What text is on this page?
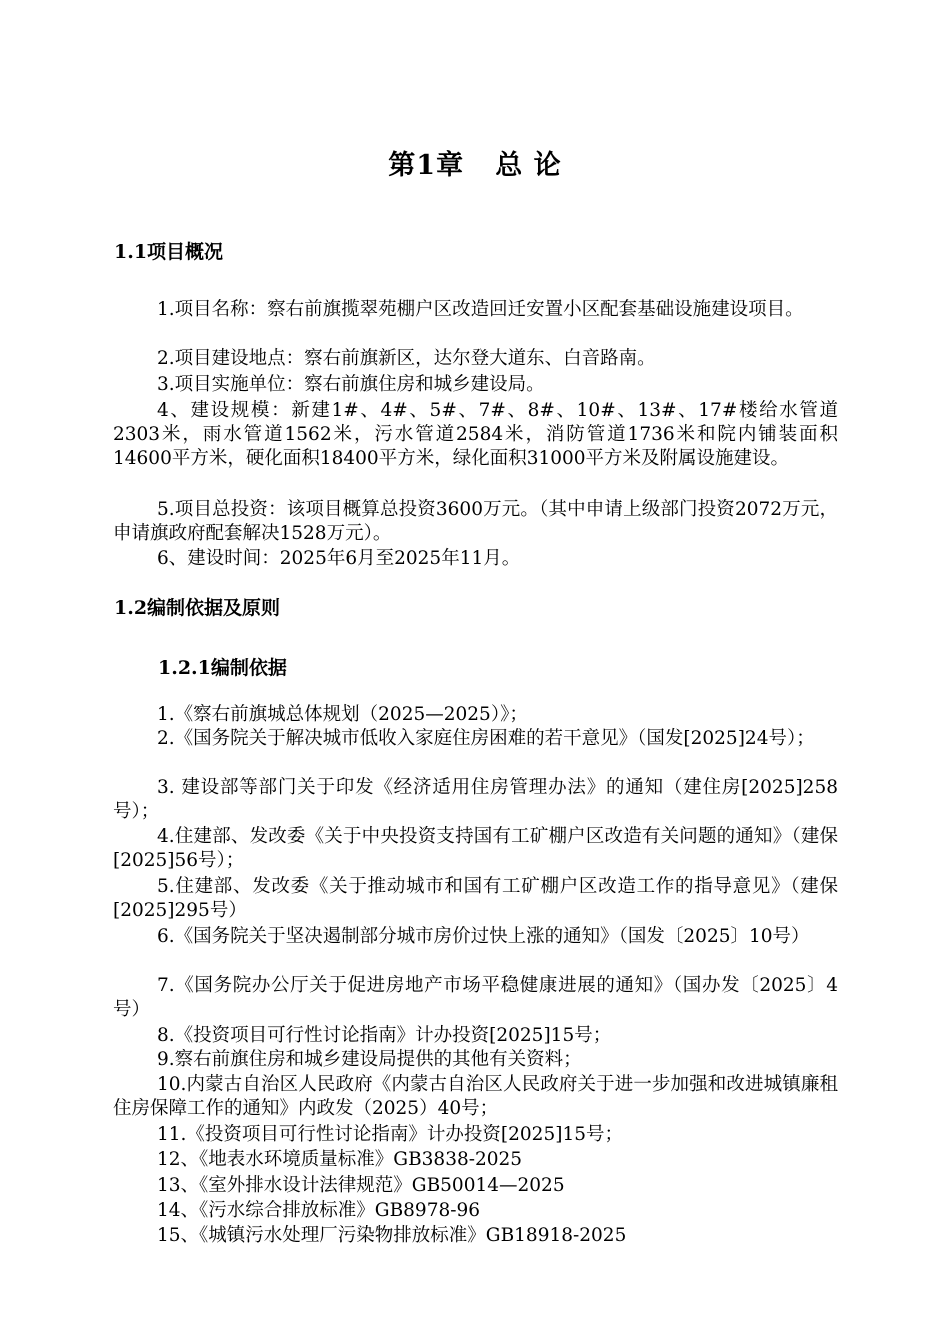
第1章   总 论
1.1项目概况
1.项目名称：察右前旗揽翠苑棚户区改造回迁安置小区配套基础设施建设项目。
2.项目建设地点：察右前旗新区，达尔登大道东、白音路南。
3.项目实施单位：察右前旗住房和城乡建设局。
4、建设规模：新建1#、4#、5#、7#、8#、10#、13#、17#楼给水管道2303米，雨水管道1562米，污水管道2584米，消防管道1736米和院内铺装面积14600平方米，硬化面积18400平方米，绿化面积31000平方米及附属设施建设。
5.项目总投资：该项目概算总投资3600万元。（其中申请上级部门投资2072万元，申请旗政府配套解决1528万元）。
6、建设时间：2025年6月至2025年11月。
1.2编制依据及原则
1.2.1编制依据
1.《察右前旗城总体规划（2025—2025）》；
2.《国务院关于解决城市低收入家庭住房困难的若干意见》（国发[2025]24号）；
3. 建设部等部门关于印发《经济适用住房管理办法》的通知（建住房[2025]258号）；
4.住建部、发改委《关于中央投资支持国有工矿棚户区改造有关问题的通知》（建保[2025]56号）；
5.住建部、发改委《关于推动城市和国有工矿棚户区改造工作的指导意见》（建保[2025]295号）
6.《国务院关于坚决遏制部分城市房价过快上涨的通知》（国发〔2025〕10号）
7.《国务院办公厅关于促进房地产市场平稳健康进展的通知》（国办发〔2025〕4号）
8.《投资项目可行性讨论指南》计办投资[2025]15号；
9.察右前旗住房和城乡建设局提供的其他有关资料；
10.内蒙古自治区人民政府《内蒙古自治区人民政府关于进一步加强和改进城镇廉租住房保障工作的通知》内政发（2025）40号；
11.《投资项目可行性讨论指南》计办投资[2025]15号；
12、《地表水环境质量标准》GB3838-2025
13、《室外排水设计法律规范》GB50014—2025
14、《污水综合排放标准》GB8978-96
15、《城镇污水处理厂污染物排放标准》GB18918-2025
